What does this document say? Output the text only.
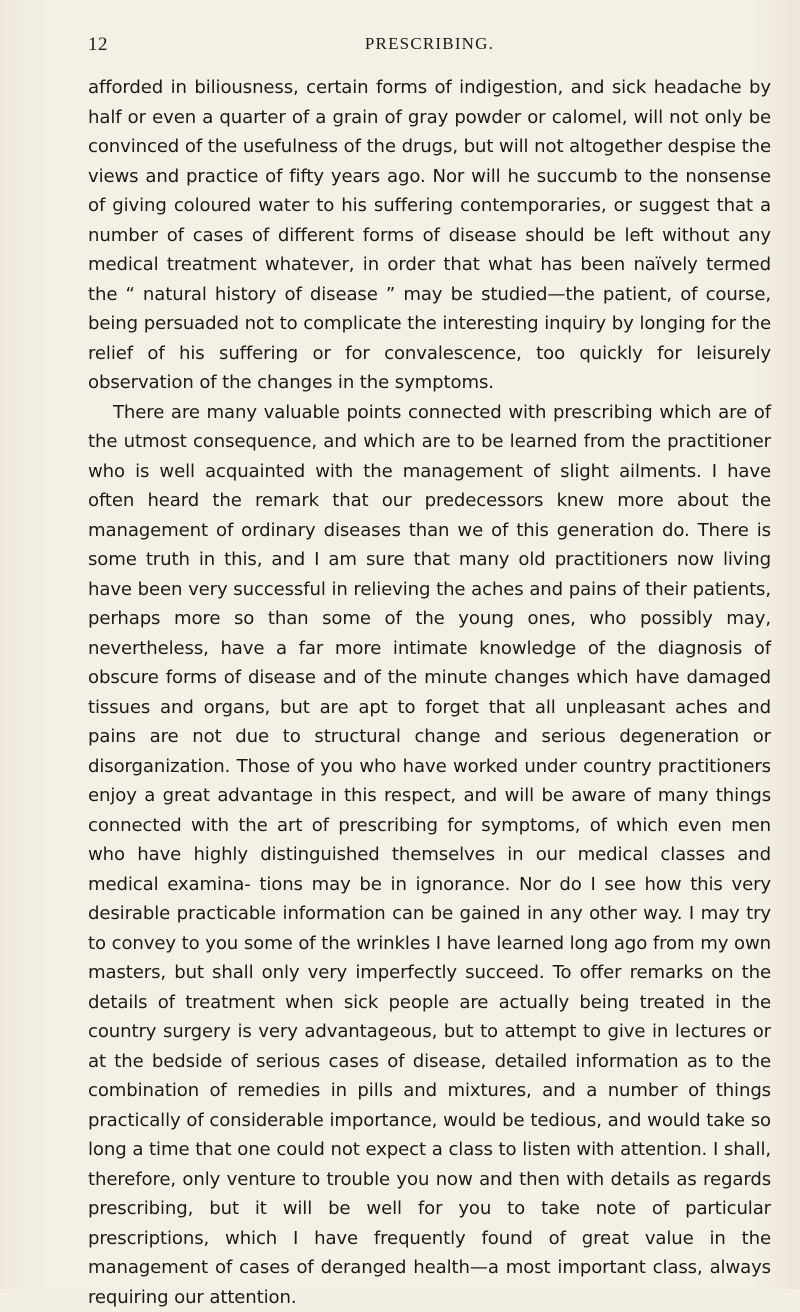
12	PRESCRIBING.

afforded in biliousness, certain forms of indigestion, and sick headache by half or even a quarter of a grain of gray powder or calomel, will not only be convinced of the usefulness of the drugs, but will not altogether despise the views and practice of fifty years ago. Nor will he succumb to the nonsense of giving coloured water to his suffering contemporaries, or suggest that a number of cases of different forms of disease should be left without any medical treatment whatever, in order that what has been naïvely termed the “ natural history of disease ” may be studied—the patient, of course, being persuaded not to complicate the interesting inquiry by longing for the relief of his suffering or for convalescence, too quickly for leisurely observation of the changes in the symptoms.

There are many valuable points connected with prescribing which are of the utmost consequence, and which are to be learned from the practitioner who is well acquainted with the management of slight ailments. I have often heard the remark that our predecessors knew more about the management of ordinary diseases than we of this generation do. There is some truth in this, and I am sure that many old practitioners now living have been very successful in relieving the aches and pains of their patients, perhaps more so than some of the young ones, who possibly may, nevertheless, have a far more intimate knowledge of the diagnosis of obscure forms of disease and of the minute changes which have damaged tissues and organs, but are apt to forget that all unpleasant aches and pains are not due to structural change and serious degeneration or disorganization. Those of you who have worked under country practitioners enjoy a great advantage in this respect, and will be aware of many things connected with the art of prescribing for symptoms, of which even men who have highly distinguished themselves in our medical classes and medical examina- tions may be in ignorance. Nor do I see how this very desirable practicable information can be gained in any other way. I may try to convey to you some of the wrinkles I have learned long ago from my own masters, but shall only very imperfectly succeed. To offer remarks on the details of treatment when sick people are actually being treated in the country surgery is very advantageous, but to attempt to give in lectures or at the bedside of serious cases of disease, detailed information as to the combination of remedies in pills and mixtures, and a number of things practically of considerable importance, would be tedious, and would take so long a time that one could not expect a class to listen with attention. I shall, therefore, only venture to trouble you now and then with details as regards prescribing, but it will be well for you to take note of particular prescriptions, which I have frequently found of great value in the management of cases of deranged health—a most important class, always requiring our attention.
